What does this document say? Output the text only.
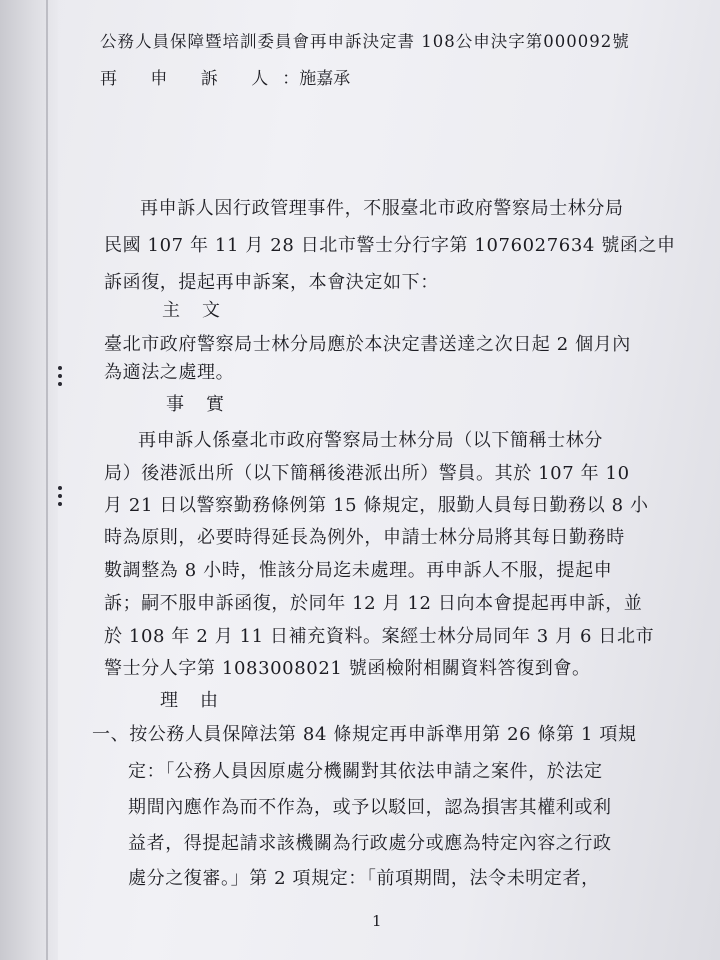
公務人員保障暨培訓委員會再申訴決定書 108公申決字第000092號
再 申 訴 人：施嘉承
再申訴人因行政管理事件，不服臺北市政府警察局士林分局
民國 107 年 11 月 28 日北市警士分行字第 1076027634 號函之申
訴函復，提起再申訴案，本會決定如下：
主文
臺北市政府警察局士林分局應於本決定書送達之次日起 2 個月內
為適法之處理。
事實
再申訴人係臺北市政府警察局士林分局（以下簡稱士林分
局）後港派出所（以下簡稱後港派出所）警員。其於 107 年 10
月 21 日以警察勤務條例第 15 條規定，服勤人員每日勤務以 8 小
時為原則，必要時得延長為例外，申請士林分局將其每日勤務時
數調整為 8 小時，惟該分局迄未處理。再申訴人不服，提起申
訴；嗣不服申訴函復，於同年 12 月 12 日向本會提起再申訴，並
於 108 年 2 月 11 日補充資料。案經士林分局同年 3 月 6 日北市
警士分人字第 1083008021 號函檢附相關資料答復到會。
理由
一、按公務人員保障法第 84 條規定再申訴準用第 26 條第 1 項規
定：「公務人員因原處分機關對其依法申請之案件，於法定
期間內應作為而不作為，或予以駁回，認為損害其權利或利
益者，得提起請求該機關為行政處分或應為特定內容之行政
處分之復審。」第 2 項規定：「前項期間，法令未明定者，
1
